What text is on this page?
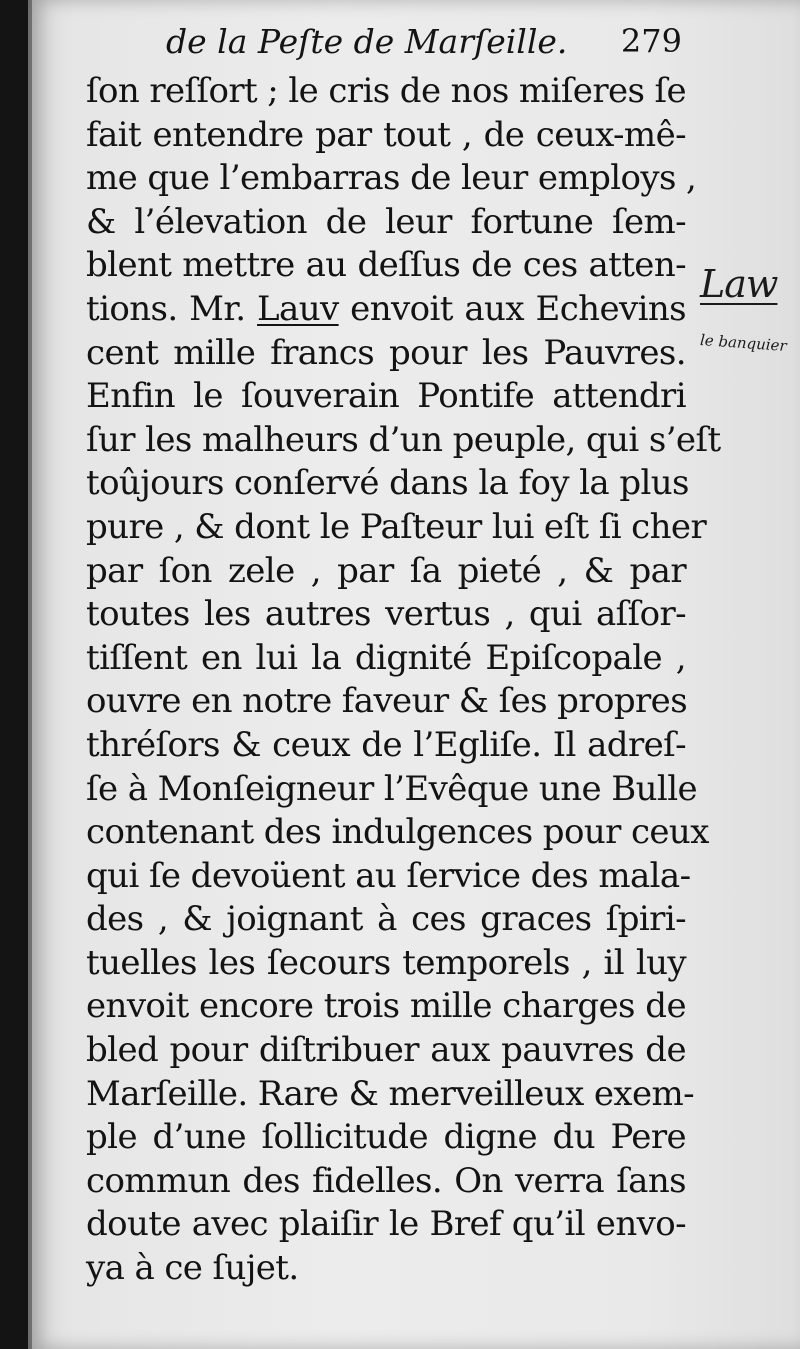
de la Peſte de Marſeille. 279
ſon reſſort ; le cris de nos miſeres ſe
fait entendre par tout , de ceux-mê-
me que l’embarras de leur employs ,
& l’élevation de leur fortune ſem-
blent mettre au deſſus de ces atten-
tions. Mr. Lauv envoit aux Echevins
cent mille francs pour les Pauvres.
Enfin le ſouverain Pontife attendri
ſur les malheurs d’un peuple, qui s’eſt
toûjours conſervé dans la foy la plus
pure , & dont le Paſteur lui eſt ſi cher
par ſon zele , par ſa pieté , & par
toutes les autres vertus , qui aſſor-
tiſſent en lui la dignité Epiſcopale ,
ouvre en notre faveur & ſes propres
thréſors & ceux de l’Egliſe. Il adreſ-
ſe à Monſeigneur l’Evêque une Bulle
contenant des indulgences pour ceux
qui ſe devoüent au ſervice des mala-
des , & joignant à ces graces ſpiri-
tuelles les ſecours temporels , il luy
envoit encore trois mille charges de
bled pour diſtribuer aux pauvres de
Marſeille. Rare & merveilleux exem-
ple d’une ſollicitude digne du Pere
commun des fidelles. On verra ſans
doute avec plaiſir le Bref qu’il envo-
ya à ce ſujet.
Law
le banquier
